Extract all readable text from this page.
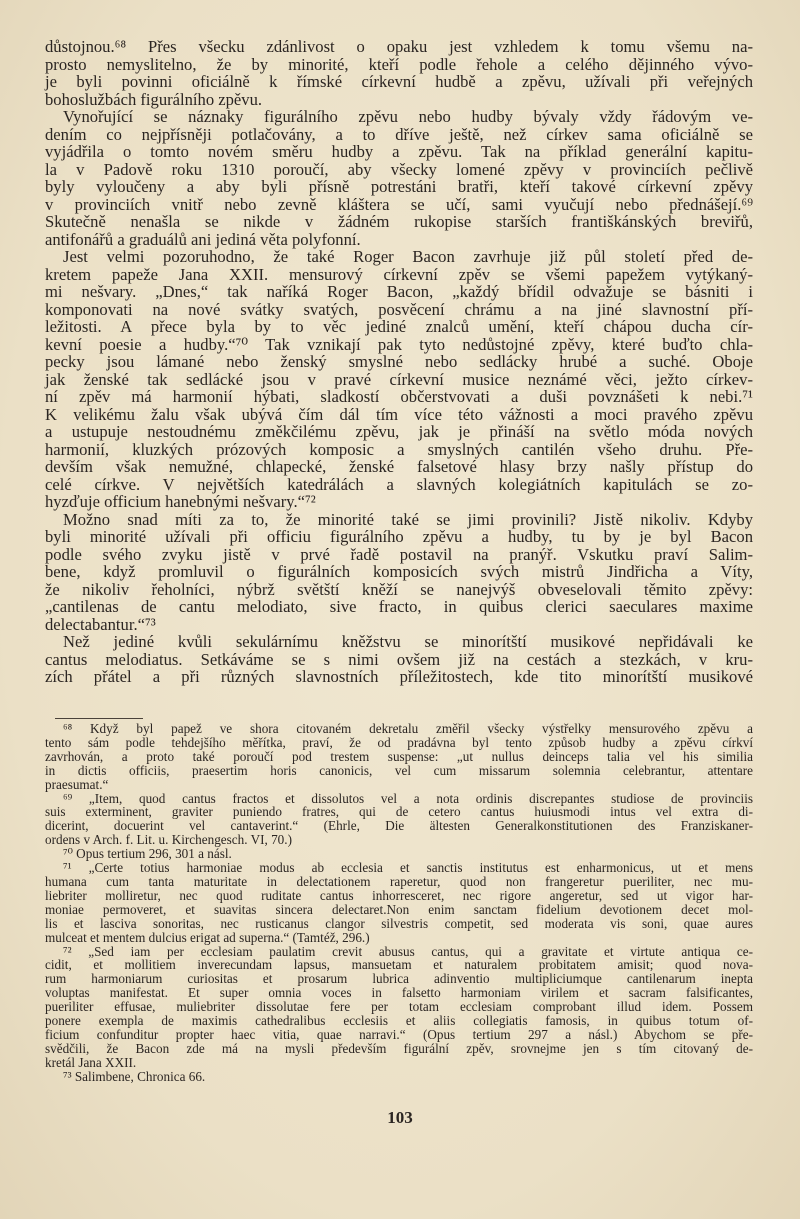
důstojnou.⁶⁸ Přes všecku zdánlivost o opaku jest vzhledem k tomu všemu na-
prosto nemyslitelno, že by minorité, kteří podle řehole a celého dějinného vývo-
je byli povinni oficiálně k římské církevní hudbě a zpěvu, užívali při veřejných
bohoslužbách figurálního zpěvu.
Vynořující se náznaky figurálního zpěvu nebo hudby bývaly vždy řádovým ve-
dením co nejpřísněji potlačovány, a to dříve ještě, než církev sama oficiálně se
vyjádřila o tomto novém směru hudby a zpěvu. Tak na příklad generální kapitu-
la v Padově roku 1310 poroučí, aby všecky lomené zpěvy v provinciích pečlivě
byly vyloučeny a aby byli přísně potrestáni bratři, kteří takové církevní zpěvy
v provinciích vnitř nebo zevně kláštera se učí, sami vyučují nebo přednášejí.⁶⁹
Skutečně nenašla se nikde v žádném rukopise starších františkánských breviřů,
antifonářů a graduálů ani jediná věta polyfonní.
Jest velmi pozoruhodno, že také Roger Bacon zavrhuje již půl století před de-
kretem papeže Jana XXII. mensurový církevní zpěv se všemi papežem vytýkaný-
mi nešvary. „Dnes,“ tak naříká Roger Bacon, „každý břídil odvažuje se básniti i
komponovati na nové svátky svatých, posvěcení chrámu a na jiné slavnostní pří-
ležitosti. A přece byla by to věc jediné znalců umění, kteří chápou ducha cír-
kevní poesie a hudby.“⁷⁰ Tak vznikají pak tyto nedůstojné zpěvy, které buďto chla-
pecky jsou lámané nebo ženský smyslné nebo sedlácky hrubé a suché. Oboje
jak ženské tak sedlácké jsou v pravé církevní musice neznámé věci, ježto církev-
ní zpěv má harmonií hýbati, sladkostí občerstvovati a duši povznášeti k nebi.⁷¹
K velikému žalu však ubývá čím dál tím více této vážnosti a moci pravého zpěvu
a ustupuje nestoudnému změkčilému zpěvu, jak je přináší na světlo móda nových
harmonií, kluzkých prózových komposic a smyslných cantilén všeho druhu. Pře-
devším však nemužné, chlapecké, ženské falsetové hlasy brzy našly přístup do
celé církve. V největších katedrálách a slavných kolegiátních kapitulách se zo-
hyzďuje officium hanebnými nešvary.“⁷²
Možno snad míti za to, že minorité také se jimi provinili? Jistě nikoliv. Kdyby
byli minorité užívali při officiu figurálního zpěvu a hudby, tu by je byl Bacon
podle svého zvyku jistě v prvé řadě postavil na pranýř. Vskutku praví Salim-
bene, když promluvil o figurálních komposicích svých mistrů Jindřicha a Víty,
že nikoliv řeholníci, nýbrž světští kněží se nanejvýš obveselovali těmito zpěvy:
„cantilenas de cantu melodiato, sive fracto, in quibus clerici saeculares maxime
delectabantur.“⁷³
Než jediné kvůli sekulárnímu kněžstvu se minorítští musikové nepřidávali ke
cantus melodiatus. Setkáváme se s nimi ovšem již na cestách a stezkách, v kru-
zích přátel a při různých slavnostních příležitostech, kde tito minorítští musikové
⁶⁸ Když byl papež ve shora citovaném dekretalu změřil všecky výstřelky mensurového zpěvu a
tento sám podle tehdejšího měřítka, praví, že od pradávna byl tento způsob hudby a zpěvu církví
zavrhován, a proto také poroučí pod trestem suspense: „ut nullus deinceps talia vel his similia
in dictis officiis, praesertim horis canonicis, vel cum missarum solemnia celebrantur, attentare
praesumat.“
⁶⁹ „Item, quod cantus fractos et dissolutos vel a nota ordinis discrepantes studiose de provinciis
suis exterminent, graviter puniendo fratres, qui de cetero cantus huiusmodi intus vel extra di-
dicerint, docuerint vel cantaverint.“ (Ehrle, Die ältesten Generalkonstitutionen des Franziskaner-
ordens v Arch. f. Lit. u. Kirchengesch. VI, 70.)
⁷⁰ Opus tertium 296, 301 a násl.
⁷¹ „Certe totius harmoniae modus ab ecclesia et sanctis institutus est enharmonicus, ut et mens
humana cum tanta maturitate in delectationem raperetur, quod non frangeretur pueriliter, nec mu-
liebriter molliretur, nec quod ruditate cantus inhorresceret, nec rigore angeretur, sed ut vigor har-
moniae permoveret, et suavitas sincera delectaret.Non enim sanctam fidelium devotionem decet mol-
lis et lasciva sonoritas, nec rusticanus clangor silvestris competit, sed moderata vis soni, quae aures
mulceat et mentem dulcius erigat ad superna.“ (Tamtéž, 296.)
⁷² „Sed iam per ecclesiam paulatim crevit abusus cantus, qui a gravitate et virtute antiqua ce-
cidit, et mollitiem inverecundam lapsus, mansuetam et naturalem probitatem amisit; quod nova-
rum harmoniarum curiositas et prosarum lubrica adinventio multipliciumque cantilenarum inepta
voluptas manifestat. Et super omnia voces in falsetto harmoniam virilem et sacram falsificantes,
pueriliter effusae, muliebriter dissolutae fere per totam ecclesiam comprobant illud idem. Possem
ponere exempla de maximis cathedralibus ecclesiis et aliis collegiatis famosis, in quibus totum of-
ficium confunditur propter haec vitia, quae narravi.“ (Opus tertium 297 a násl.) Abychom se pře-
svědčili, že Bacon zde má na mysli především figurální zpěv, srovnejme jen s tím citovaný de-
kretál Jana XXII.
⁷³ Salimbene, Chronica 66.
103
